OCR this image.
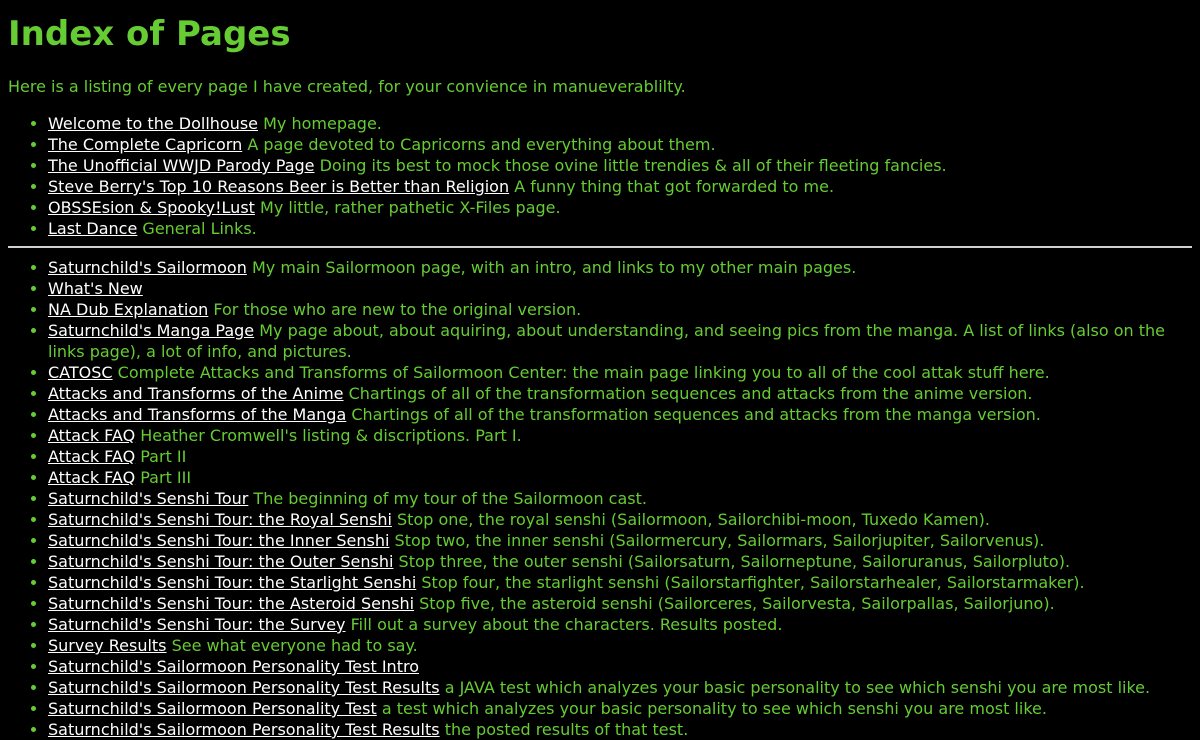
Index of Pages
Here is a listing of every page I have created, for your convience in manueverablilty.
• Welcome to the Dollhouse My homepage.
• The Complete Capricorn A page devoted to Capricorns and everything about them.
• The Unofficial WWJD Parody Page Doing its best to mock those ovine little trendies & all of their fleeting fancies.
• Steve Berry's Top 10 Reasons Beer is Better than Religion A funny thing that got forwarded to me.
• OBSSEsion & Spooky!Lust My little, rather pathetic X-Files page.
• Last Dance General Links.
• Saturnchild's Sailormoon My main Sailormoon page, with an intro, and links to my other main pages.
• What's New
• NA Dub Explanation For those who are new to the original version.
• Saturnchild's Manga Page My page about, about aquiring, about understanding, and seeing pics from the manga. A list of links (also on the links page), a lot of info, and pictures.
• CATOSC Complete Attacks and Transforms of Sailormoon Center: the main page linking you to all of the cool attak stuff here.
• Attacks and Transforms of the Anime Chartings of all of the transformation sequences and attacks from the anime version.
• Attacks and Transforms of the Manga Chartings of all of the transformation sequences and attacks from the manga version.
• Attack FAQ Heather Cromwell's listing & discriptions. Part I.
• Attack FAQ Part II
• Attack FAQ Part III
• Saturnchild's Senshi Tour The beginning of my tour of the Sailormoon cast.
• Saturnchild's Senshi Tour: the Royal Senshi Stop one, the royal senshi (Sailormoon, Sailorchibi-moon, Tuxedo Kamen).
• Saturnchild's Senshi Tour: the Inner Senshi Stop two, the inner senshi (Sailormercury, Sailormars, Sailorjupiter, Sailorvenus).
• Saturnchild's Senshi Tour: the Outer Senshi Stop three, the outer senshi (Sailorsaturn, Sailorneptune, Sailoruranus, Sailorpluto).
• Saturnchild's Senshi Tour: the Starlight Senshi Stop four, the starlight senshi (Sailorstarfighter, Sailorstarhealer, Sailorstarmaker).
• Saturnchild's Senshi Tour: the Asteroid Senshi Stop five, the asteroid senshi (Sailorceres, Sailorvesta, Sailorpallas, Sailorjuno).
• Saturnchild's Senshi Tour: the Survey Fill out a survey about the characters. Results posted.
• Survey Results See what everyone had to say.
• Saturnchild's Sailormoon Personality Test Intro
• Saturnchild's Sailormoon Personality Test Results a JAVA test which analyzes your basic personality to see which senshi you are most like.
• Saturnchild's Sailormoon Personality Test a test which analyzes your basic personality to see which senshi you are most like.
• Saturnchild's Sailormoon Personality Test Results the posted results of that test.
